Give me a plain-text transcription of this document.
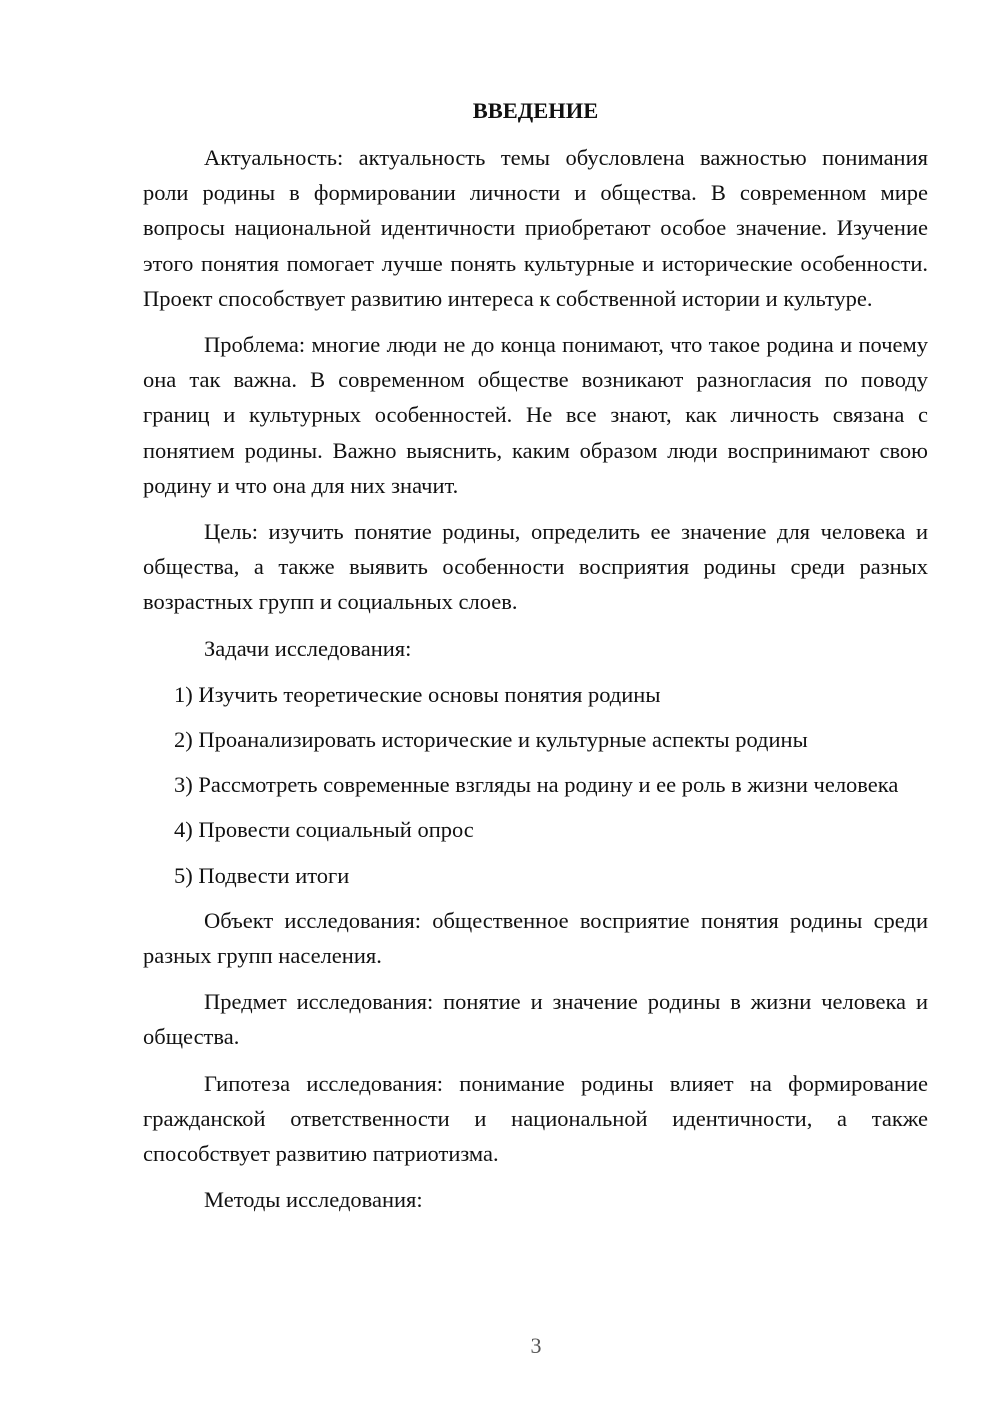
ВВЕДЕНИЕ

Актуальность: актуальность темы обусловлена важностью понимания роли родины в формировании личности и общества. В современном мире вопросы национальной идентичности приобретают особое значение. Изучение этого понятия помогает лучше понять культурные и исторические особенности. Проект способствует развитию интереса к собственной истории и культуре.

Проблема: многие люди не до конца понимают, что такое родина и почему она так важна. В современном обществе возникают разногласия по поводу границ и культурных особенностей. Не все знают, как личность связана с понятием родины. Важно выяснить, каким образом люди воспринимают свою родину и что она для них значит.

Цель: изучить понятие родины, определить ее значение для человека и общества, а также выявить особенности восприятия родины среди разных возрастных групп и социальных слоев.

Задачи исследования:

1) Изучить теоретические основы понятия родины

2) Проанализировать исторические и культурные аспекты родины

3) Рассмотреть современные взгляды на родину и ее роль в жизни человека

4) Провести социальный опрос

5) Подвести итоги

Объект исследования: общественное восприятие понятия родины среди разных групп населения.

Предмет исследования: понятие и значение родины в жизни человека и общества.

Гипотеза исследования: понимание родины влияет на формирование гражданской ответственности и национальной идентичности, а также способствует развитию патриотизма.

Методы исследования:

3
